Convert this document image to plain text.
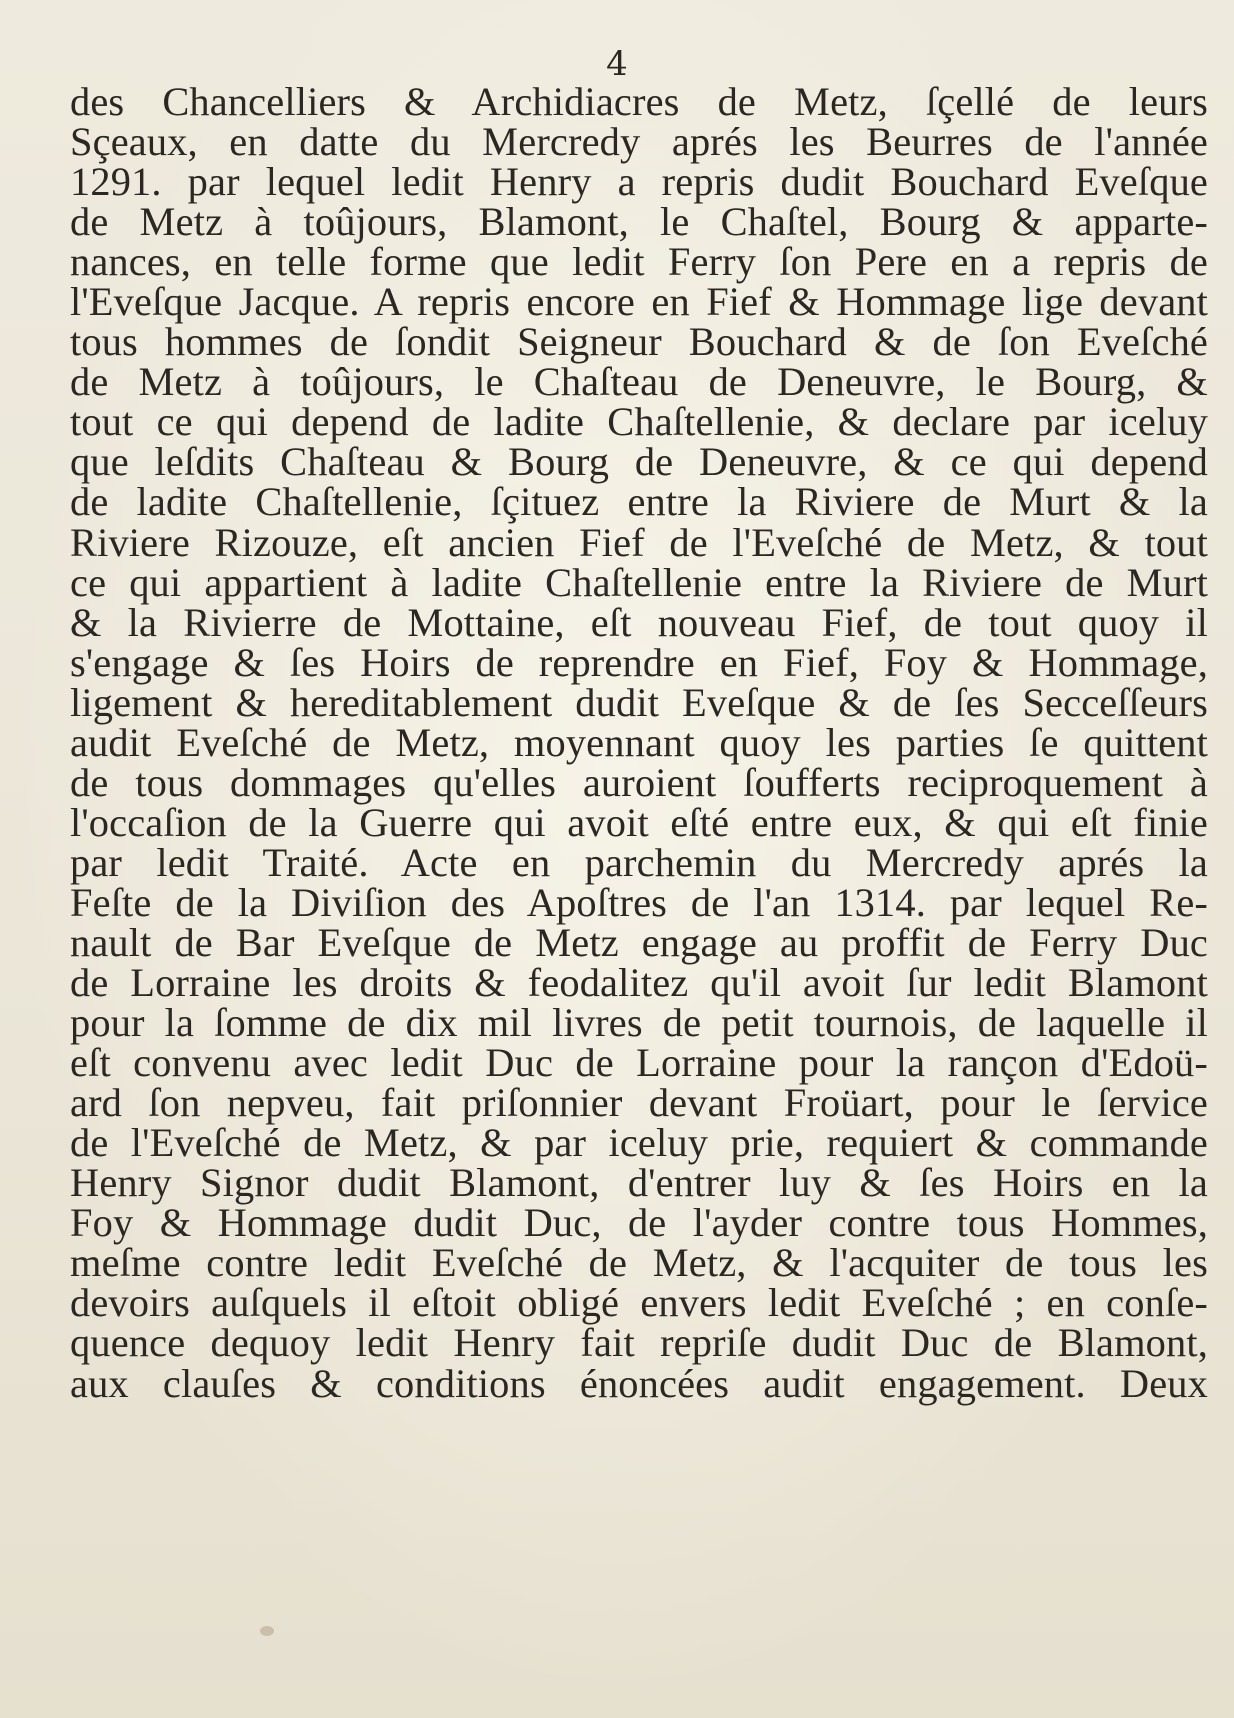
4
des Chancelliers & Archidiacres de Metz, ſçellé de leurs
Sçeaux, en datte du Mercredy aprés les Beurres de l'année
1291. par lequel ledit Henry a repris dudit Bouchard Eveſque
de Metz à toûjours, Blamont, le Chaſtel, Bourg & apparte-
nances, en telle forme que ledit Ferry ſon Pere en a repris de
l'Eveſque Jacque. A repris encore en Fief & Hommage lige devant
tous hommes de ſondit Seigneur Bouchard & de ſon Eveſché
de Metz à toûjours, le Chaſteau de Deneuvre, le Bourg, &
tout ce qui depend de ladite Chaſtellenie, & declare par iceluy
que leſdits Chaſteau & Bourg de Deneuvre, & ce qui depend
de ladite Chaſtellenie, ſçituez entre la Riviere de Murt & la
Riviere Rizouze, eſt ancien Fief de l'Eveſché de Metz, & tout
ce qui appartient à ladite Chaſtellenie entre la Riviere de Murt
& la Rivierre de Mottaine, eſt nouveau Fief, de tout quoy il
s'engage & ſes Hoirs de reprendre en Fief, Foy & Hommage,
ligement & hereditablement dudit Eveſque & de ſes Secceſſeurs
audit Eveſché de Metz, moyennant quoy les parties ſe quittent
de tous dommages qu'elles auroient ſoufferts reciproquement à
l'occaſion de la Guerre qui avoit eſté entre eux, & qui eſt finie
par ledit Traité. Acte en parchemin du Mercredy aprés la
Feſte de la Diviſion des Apoſtres de l'an 1314. par lequel Re-
nault de Bar Eveſque de Metz engage au proffit de Ferry Duc
de Lorraine les droits & feodalitez qu'il avoit ſur ledit Blamont
pour la ſomme de dix mil livres de petit tournois, de laquelle il
eſt convenu avec ledit Duc de Lorraine pour la rançon d'Edoü-
ard ſon nepveu, fait priſonnier devant Froüart, pour le ſervice
de l'Eveſché de Metz, & par iceluy prie, requiert & commande
Henry Signor dudit Blamont, d'entrer luy & ſes Hoirs en la
Foy & Hommage dudit Duc, de l'ayder contre tous Hommes,
meſme contre ledit Eveſché de Metz, & l'acquiter de tous les
devoirs auſquels il eſtoit obligé envers ledit Eveſché ; en conſe-
quence dequoy ledit Henry fait repriſe dudit Duc de Blamont,
aux clauſes & conditions énoncées audit engagement. Deux
